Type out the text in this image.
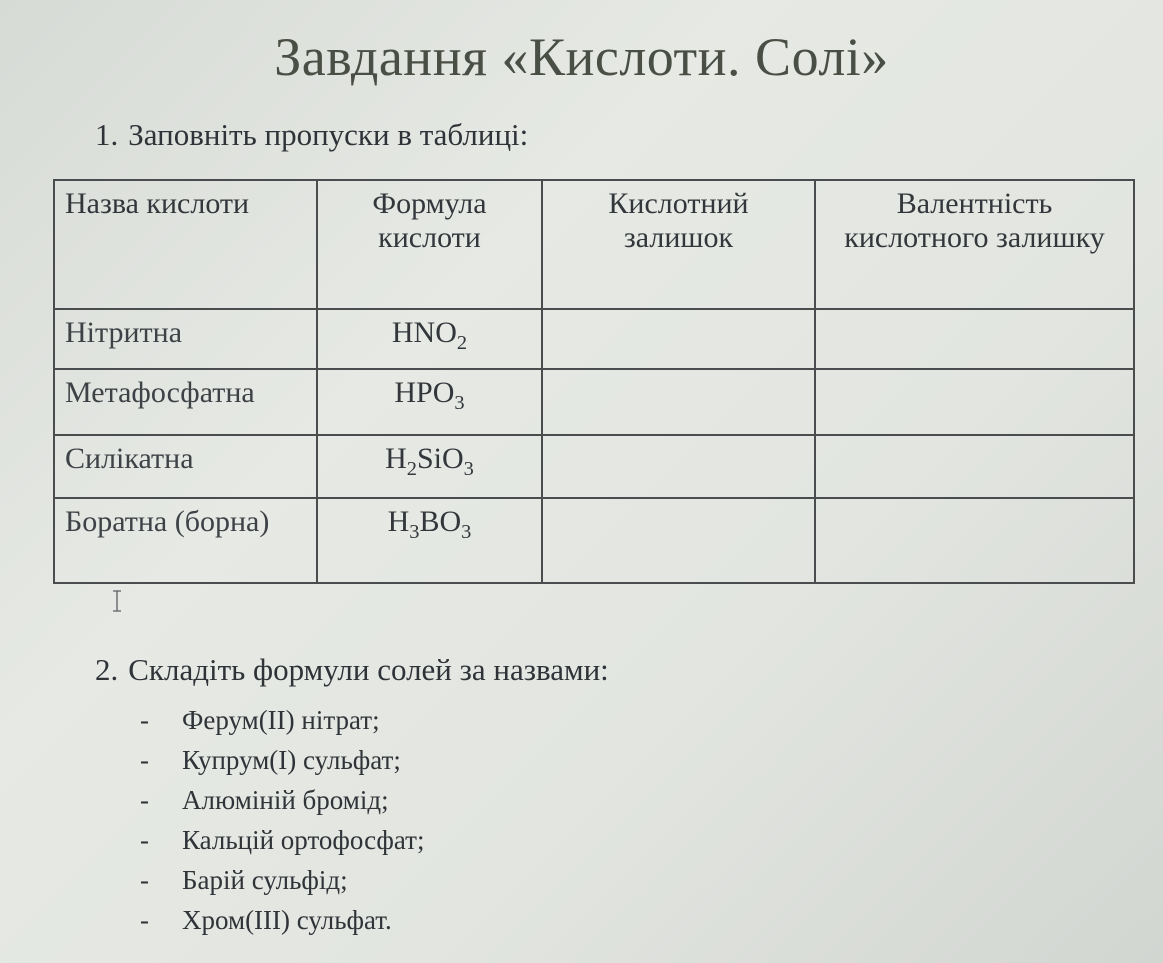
Завдання «Кислоти. Солі»
1. Заповніть пропуски в таблиці:
Назва кислоти	Формула кислоти	Кислотний залишок	Валентність кислотного залишку
Нітритна	$HNO_2$		
Метафосфатна	$HPO_3$		
Силікатна	$H_2SiO_3$		
Боратна (борна)	$H_3BO_3$		
2. Складіть формули солей за назвами:
- Ферум(ІІ) нітрат;
- Купрум(І) сульфат;
- Алюміній бромід;
- Кальцій ортофосфат;
- Барій сульфід;
- Хром(ІІІ) сульфат.
